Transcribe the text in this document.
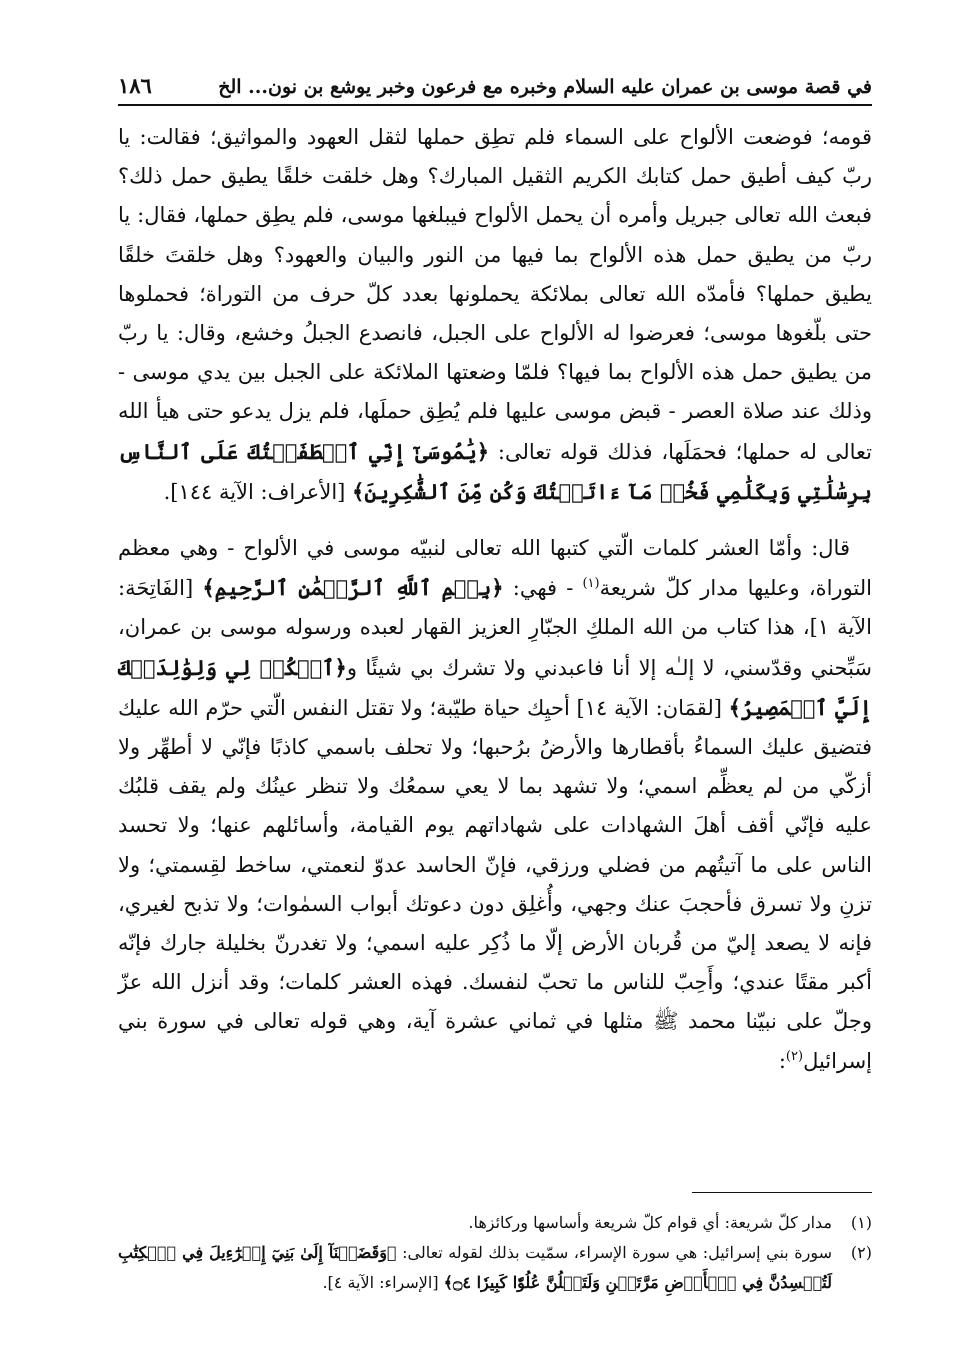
في قصة موسى بن عمران عليه السلام وخبره مع فرعون وخبر يوشع بن نون... الخ
١٨٦

قومه؛ فوضعت الألواح على السماء فلم تطِق حملها لثقل العهود والمواثيق؛ فقالت: يا ربّ كيف أطيق حمل كتابك الكريم الثقيل المبارك؟ وهل خلقت خلقًا يطيق حمل ذلك؟ فبعث الله تعالى جبريل وأمره أن يحمل الألواح فيبلغها موسى، فلم يطِق حملها، فقال: يا ربّ من يطيق حمل هذه الألواح بما فيها من النور والبيان والعهود؟ وهل خلقتَ خلقًا يطيق حملها؟ فأمدّه الله تعالى بملائكة يحملونها بعدد كلّ حرف من التوراة؛ فحملوها حتى بلّغوها موسى؛ فعرضوا له الألواح على الجبل، فانصدع الجبلُ وخشع، وقال: يا ربّ من يطيق حمل هذه الألواح بما فيها؟ فلمّا وضعتها الملائكة على الجبل بين يدي موسى - وذلك عند صلاة العصر - قبض موسى عليها فلم يُطِق حملَها، فلم يزل يدعو حتى هيأ الله تعالى له حملها؛ فحمَلَها، فذلك قوله تعالى: ﴿يَٰمُوسَىٰٓ إِنِّي ٱصۡطَفَيۡتُكَ عَلَى ٱلنَّاسِ بِرِسَٰلَٰتِي وَبِكَلَٰمِي فَخُذۡ مَآ ءَاتَيۡتُكَ وَكُن مِّنَ ٱلشَّٰكِرِينَ﴾ [الأعراف: الآية ١٤٤].

قال: وأمّا العشر كلمات الّتي كتبها الله تعالى لنبيّه موسى في الألواح - وهي معظم التوراة، وعليها مدار كلّ شريعة$^{(١)}$ - فهي: ﴿بِسۡمِ ٱللَّهِ ٱلرَّحۡمَٰنِ ٱلرَّحِيمِ﴾ [الفَاتِحَة: الآية ١]، هذا كتاب من الله الملكِ الجبّارِ العزيز القهار لعبده ورسوله موسى بن عمران، سَبِّحني وقدّسني، لا إلـٰه إلا أنا فاعبدني ولا تشرك بي شيئًا و﴿ٱشۡكُرۡ لِي وَلِوَٰلِدَيۡكَ إِلَيَّ ٱلۡمَصِيرُ﴾ [لقمَان: الآية ١٤] أحيِك حياة طيّبة؛ ولا تقتل النفس الّتي حرّم الله عليك فتضيق عليك السماءُ بأقطارها والأرضُ برُحبها؛ ولا تحلف باسمي كاذبًا فإنّي لا أطهِّر ولا أزكّي من لم يعظِّم اسمي؛ ولا تشهد بما لا يعي سمعُك ولا تنظر عينُك ولم يقف قلبُك عليه فإنّي أقف أهلَ الشهادات على شهاداتهم يوم القيامة، وأسائلهم عنها؛ ولا تحسد الناس على ما آتيتُهم من فضلي ورزقي، فإنّ الحاسد عدوّ لنعمتي، ساخط لقِسمتي؛ ولا تزنِ ولا تسرق فأحجبَ عنك وجهي، وأُغلِق دون دعوتك أبواب السمٰوات؛ ولا تذبح لغيري، فإنه لا يصعد إليّ من قُربان الأرض إلّا ما ذُكِر عليه اسمي؛ ولا تغدرنّ بخليلة جارك فإنّه أكبر مقتًا عندي؛ وأَحِبّ للناس ما تحبّ لنفسك. فهذه العشر كلمات؛ وقد أنزل الله عزّ وجلّ على نبيّنا محمد ﷺ مثلها في ثماني عشرة آية، وهي قوله تعالى في سورة بني إسرائيل$^{(٢)}$:

(١)
مدار كلّ شريعة: أي قوام كلّ شريعة وأساسها وركائزها.

(٢)
سورة بني إسرائيل: هي سورة الإسراء، سمّيت بذلك لقوله تعالى: ﴿وَقَضَيۡنَآ إِلَىٰ بَنِيٓ إِسۡرَٰٓءِيلَ فِي ٱلۡكِتَٰبِ لَتُفۡسِدُنَّ فِي ٱلۡأَرۡضِ مَرَّتَيۡنِ وَلَتَعۡلُنَّ عُلُوّٗا كَبِيرٗا ۝٤﴾ [الإسراء: الآية ٤].
